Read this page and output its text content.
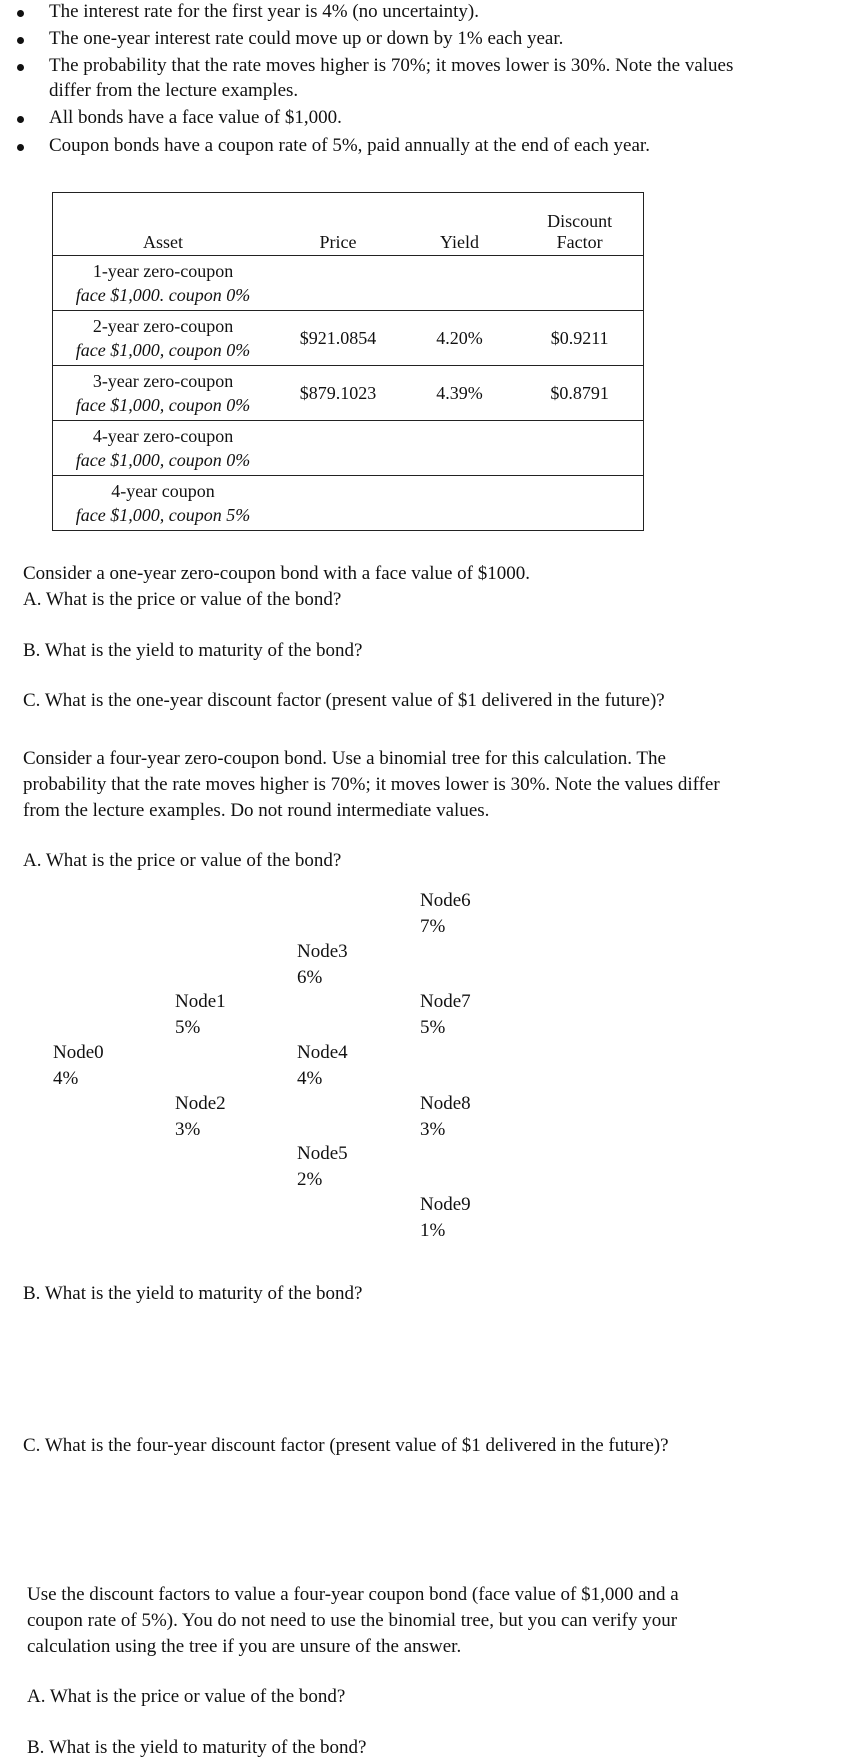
The interest rate for the first year is 4% (no uncertainty).
The one-year interest rate could move up or down by 1% each year.
The probability that the rate moves higher is 70%; it moves lower is 30%. Note the values
differ from the lecture examples.
All bonds have a face value of $1,000.
Coupon bonds have a coupon rate of 5%, paid annually at the end of each year.
Asset	Price	Yield	Discount
Factor

1-year zero-coupon
face $1,000. coupon 0%			

2-year zero-coupon
face $1,000, coupon 0%	$921.0854	4.20%	$0.9211

3-year zero-coupon
face $1,000, coupon 0%	$879.1023	4.39%	$0.8791

4-year zero-coupon
face $1,000, coupon 0%			

4-year coupon
face $1,000, coupon 5%			

Consider a one-year zero-coupon bond with a face value of $1000.
A. What is the price or value of the bond?
B. What is the yield to maturity of the bond?
C. What is the one-year discount factor (present value of $1 delivered in the future)?
Consider a four-year zero-coupon bond. Use a binomial tree for this calculation. The
probability that the rate moves higher is 70%; it moves lower is 30%. Note the values differ
from the lecture examples. Do not round intermediate values.
A. What is the price or value of the bond?
Node0
4%
Node1
5%
Node2
3%
Node3
6%
Node4
4%
Node5
2%
Node6
7%
Node7
5%
Node8
3%
Node9
1%
B. What is the yield to maturity of the bond?
C. What is the four-year discount factor (present value of $1 delivered in the future)?
Use the discount factors to value a four-year coupon bond (face value of $1,000 and a
coupon rate of 5%). You do not need to use the binomial tree, but you can verify your
calculation using the tree if you are unsure of the answer.
A. What is the price or value of the bond?
B. What is the yield to maturity of the bond?
